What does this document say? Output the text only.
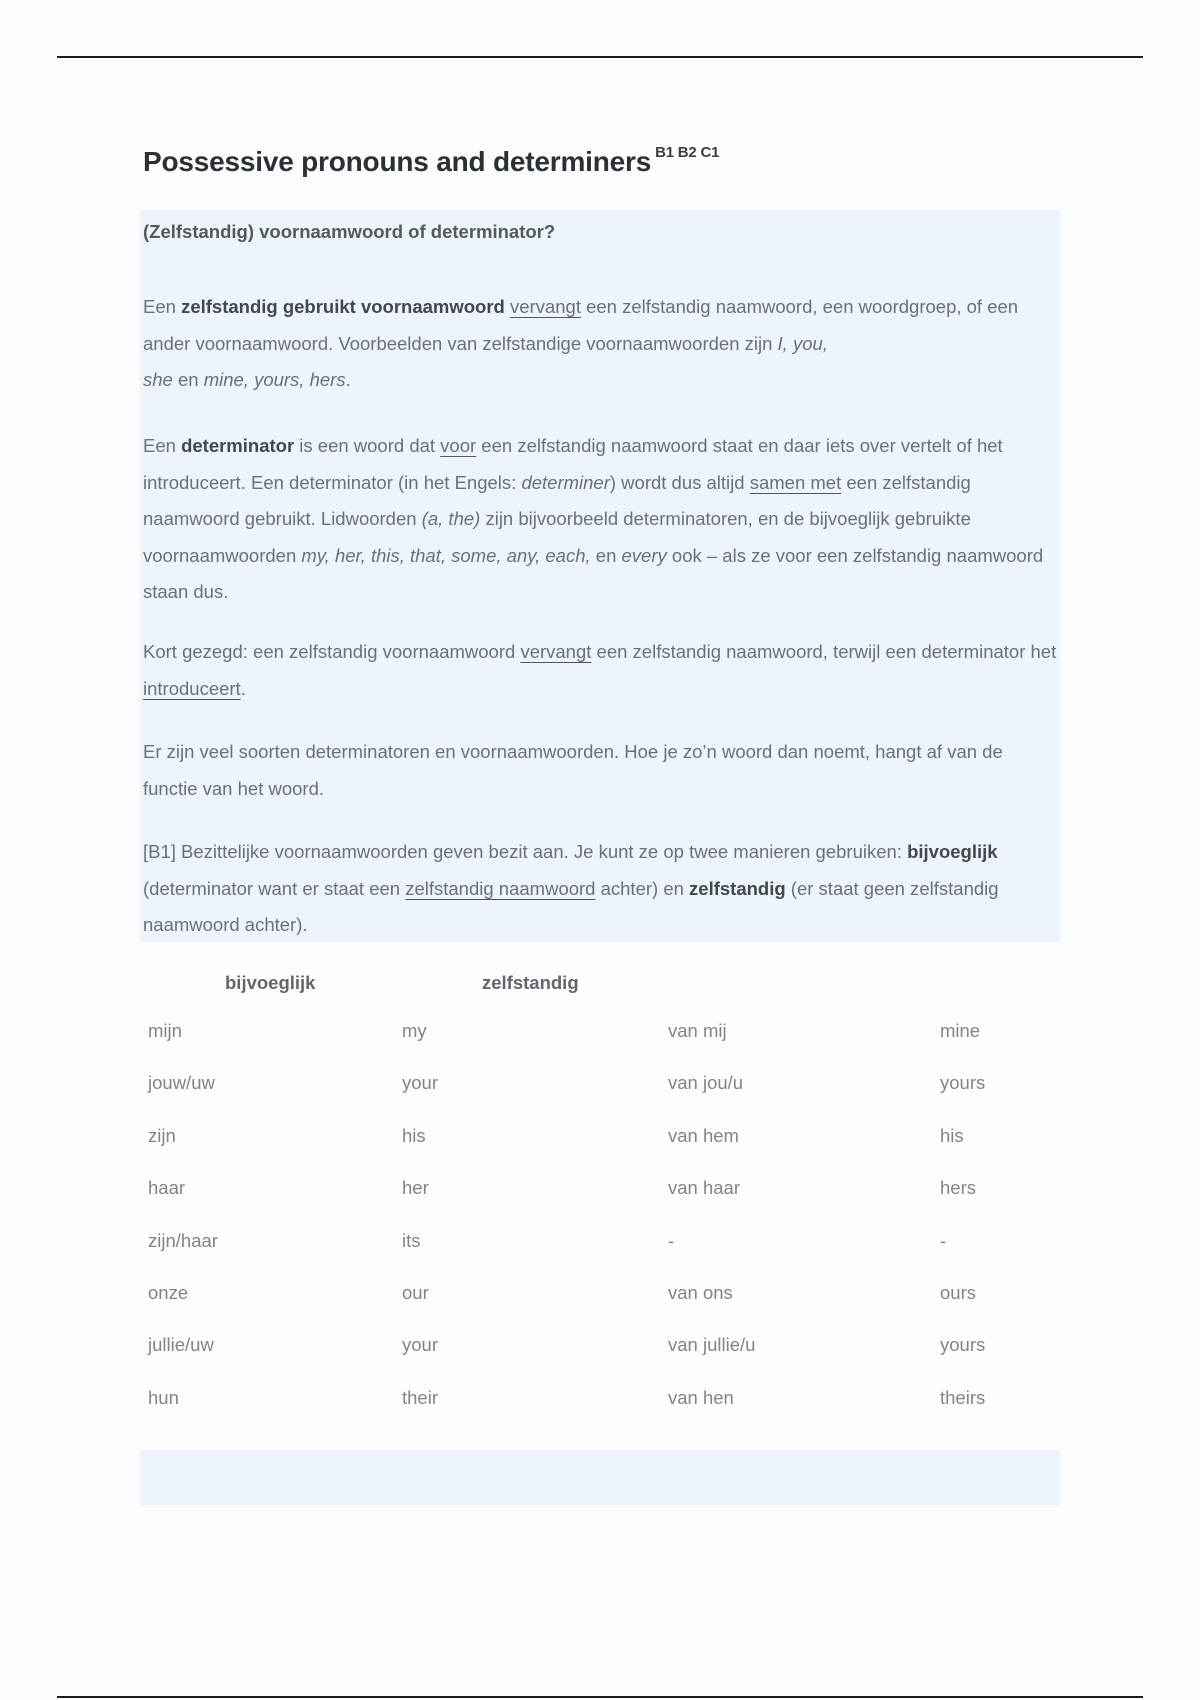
Possessive pronouns and determiners $^{B1 B2 C1}$

(Zelfstandig) voornaamwoord of determinator?

Een zelfstandig gebruikt voornaamwoord vervangt een zelfstandig naamwoord, een woordgroep, of een ander voornaamwoord. Voorbeelden van zelfstandige voornaamwoorden zijn I, you,
she en mine, yours, hers.

Een determinator is een woord dat voor een zelfstandig naamwoord staat en daar iets over vertelt of het introduceert. Een determinator (in het Engels: determiner) wordt dus altijd samen met een zelfstandig naamwoord gebruikt. Lidwoorden (a, the) zijn bijvoorbeeld determinatoren, en de bijvoeglijk gebruikte voornaamwoorden my, her, this, that, some, any, each, en every ook – als ze voor een zelfstandig naamwoord staan dus.

Kort gezegd: een zelfstandig voornaamwoord vervangt een zelfstandig naamwoord, terwijl een determinator het introduceert.

Er zijn veel soorten determinatoren en voornaamwoorden. Hoe je zo’n woord dan noemt, hangt af van de functie van het woord.

[B1] Bezittelijke voornaamwoorden geven bezit aan. Je kunt ze op twee manieren gebruiken: bijvoeglijk (determinator want er staat een zelfstandig naamwoord achter) en zelfstandig (er staat geen zelfstandig naamwoord achter).

bijvoeglijk	zelfstandig
mijn	my	van mij	mine
jouw/uw	your	van jou/u	yours
zijn	his	van hem	his
haar	her	van haar	hers
zijn/haar	its	-	-
onze	our	van ons	ours
jullie/uw	your	van jullie/u	yours
hun	their	van hen	theirs
